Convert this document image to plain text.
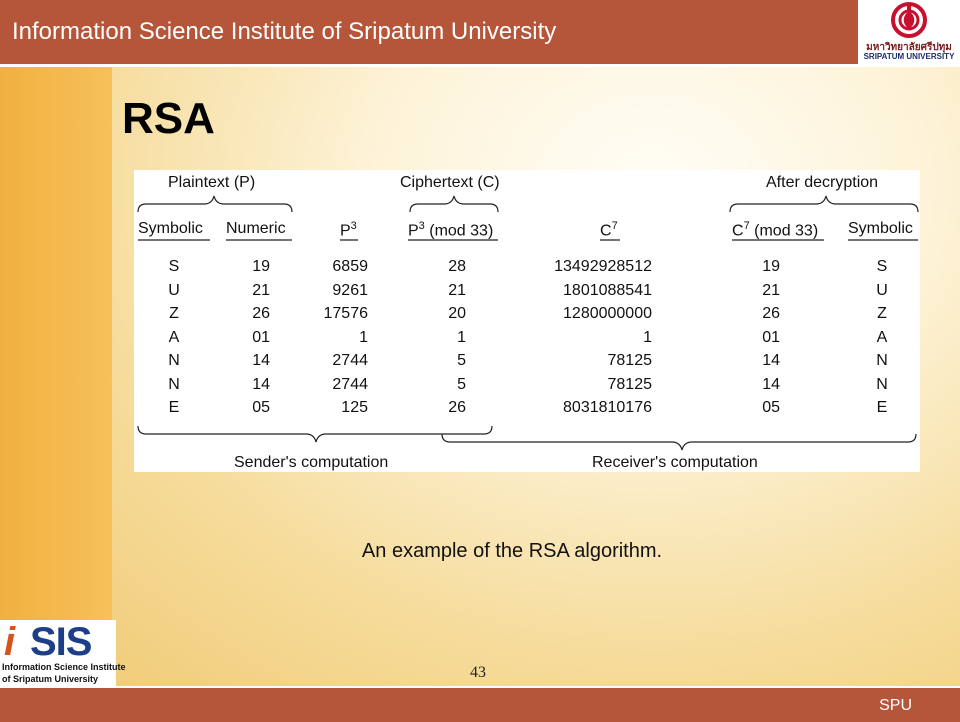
Information Science Institute of Sripatum University
มหาวิทยาลัยศรีปทุม
SRIPATUM UNIVERSITY
RSA
Plaintext (P)	Ciphertext (C)	After decryption
Symbolic Numeric	$P^3$	$P^3$ (mod 33)	$C^7$	$C^7$ (mod 33) Symbolic
S	19	6859	28	13492928512	19	S
U	21	9261	21	1801088541	21	U
Z	26	17576	20	1280000000	26	Z
A	01	1	1	1	01	A
N	14	2744	5	78125	14	N
N	14	2744	5	78125	14	N
E	05	125	26	8031810176	05	E
Sender's computation	Receiver's computation
An example of the RSA algorithm.
i SIS
Information Science Institute
of Sripatum University	43
SPU
